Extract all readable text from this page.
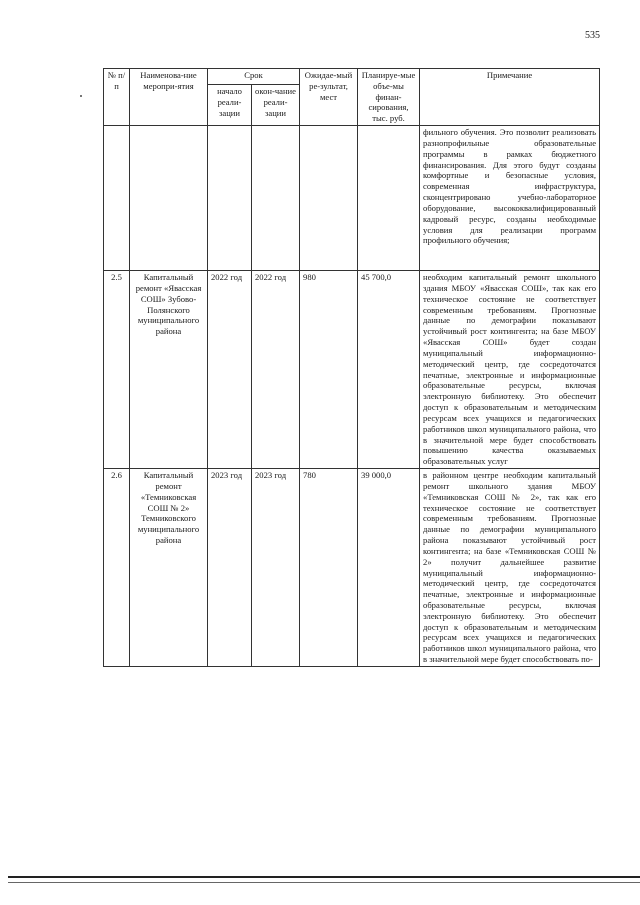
535
№ п/п	Наименова-ние меропри-ятия	Срок		Ожидае-мый ре-зультат, мест	Планируе-мые объе-мы финан-сирования, тыс. руб.	Примечание
		начало реали-зации	окон-чание реали-зации			
						фильного обучения. Это позволит реализовать разнопрофильные образовательные программы в рамках бюджетного финансирования. Для этого будут созданы комфортные и безопасные условия, современная инфраструктура, сконцентрировано учебно-лабораторное оборудование, высококвалифицированный кадровый ресурс, созданы необходимые условия для реализации программ профильного обучения;
2.5	Капитальный ремонт «Явасская СОШ» Зубово-Полянского муниципального района	2022 год	2022 год	980	45 700,0	необходим капитальный ремонт школьного здания МБОУ «Явасская СОШ», так как его техническое состояние не соответствует современным требованиям. Прогнозные данные по демографии показывают устойчивый рост контингента; на базе МБОУ «Явасская СОШ» будет создан муниципальный информационно-методический центр, где сосредоточатся печатные, электронные и информационные образовательные ресурсы, включая электронную библиотеку. Это обеспечит доступ к образовательным и методическим ресурсам всех учащихся и педагогических работников школ муниципального района, что в значительной мере будет способствовать повышению качества оказываемых образовательных услуг
2.6	Капитальный ремонт «Темниковская СОШ № 2» Темниковского муниципального района	2023 год	2023 год	780	39 000,0	в районном центре необходим капитальный ремонт школьного здания МБОУ «Темниковская СОШ № 2», так как его техническое состояние не соответствует современным требованиям. Прогнозные данные по демографии муниципального района показывают устойчивый рост контингента; на базе «Темниковская СОШ № 2» получит дальнейшее развитие муниципальный информационно-методический центр, где сосредоточатся печатные, электронные и информационные образовательные ресурсы, включая электронную библиотеку. Это обеспечит доступ к образовательным и методическим ресурсам всех учащихся и педагогических работников школ муниципального района, что в значительной мере будет способствовать по-
